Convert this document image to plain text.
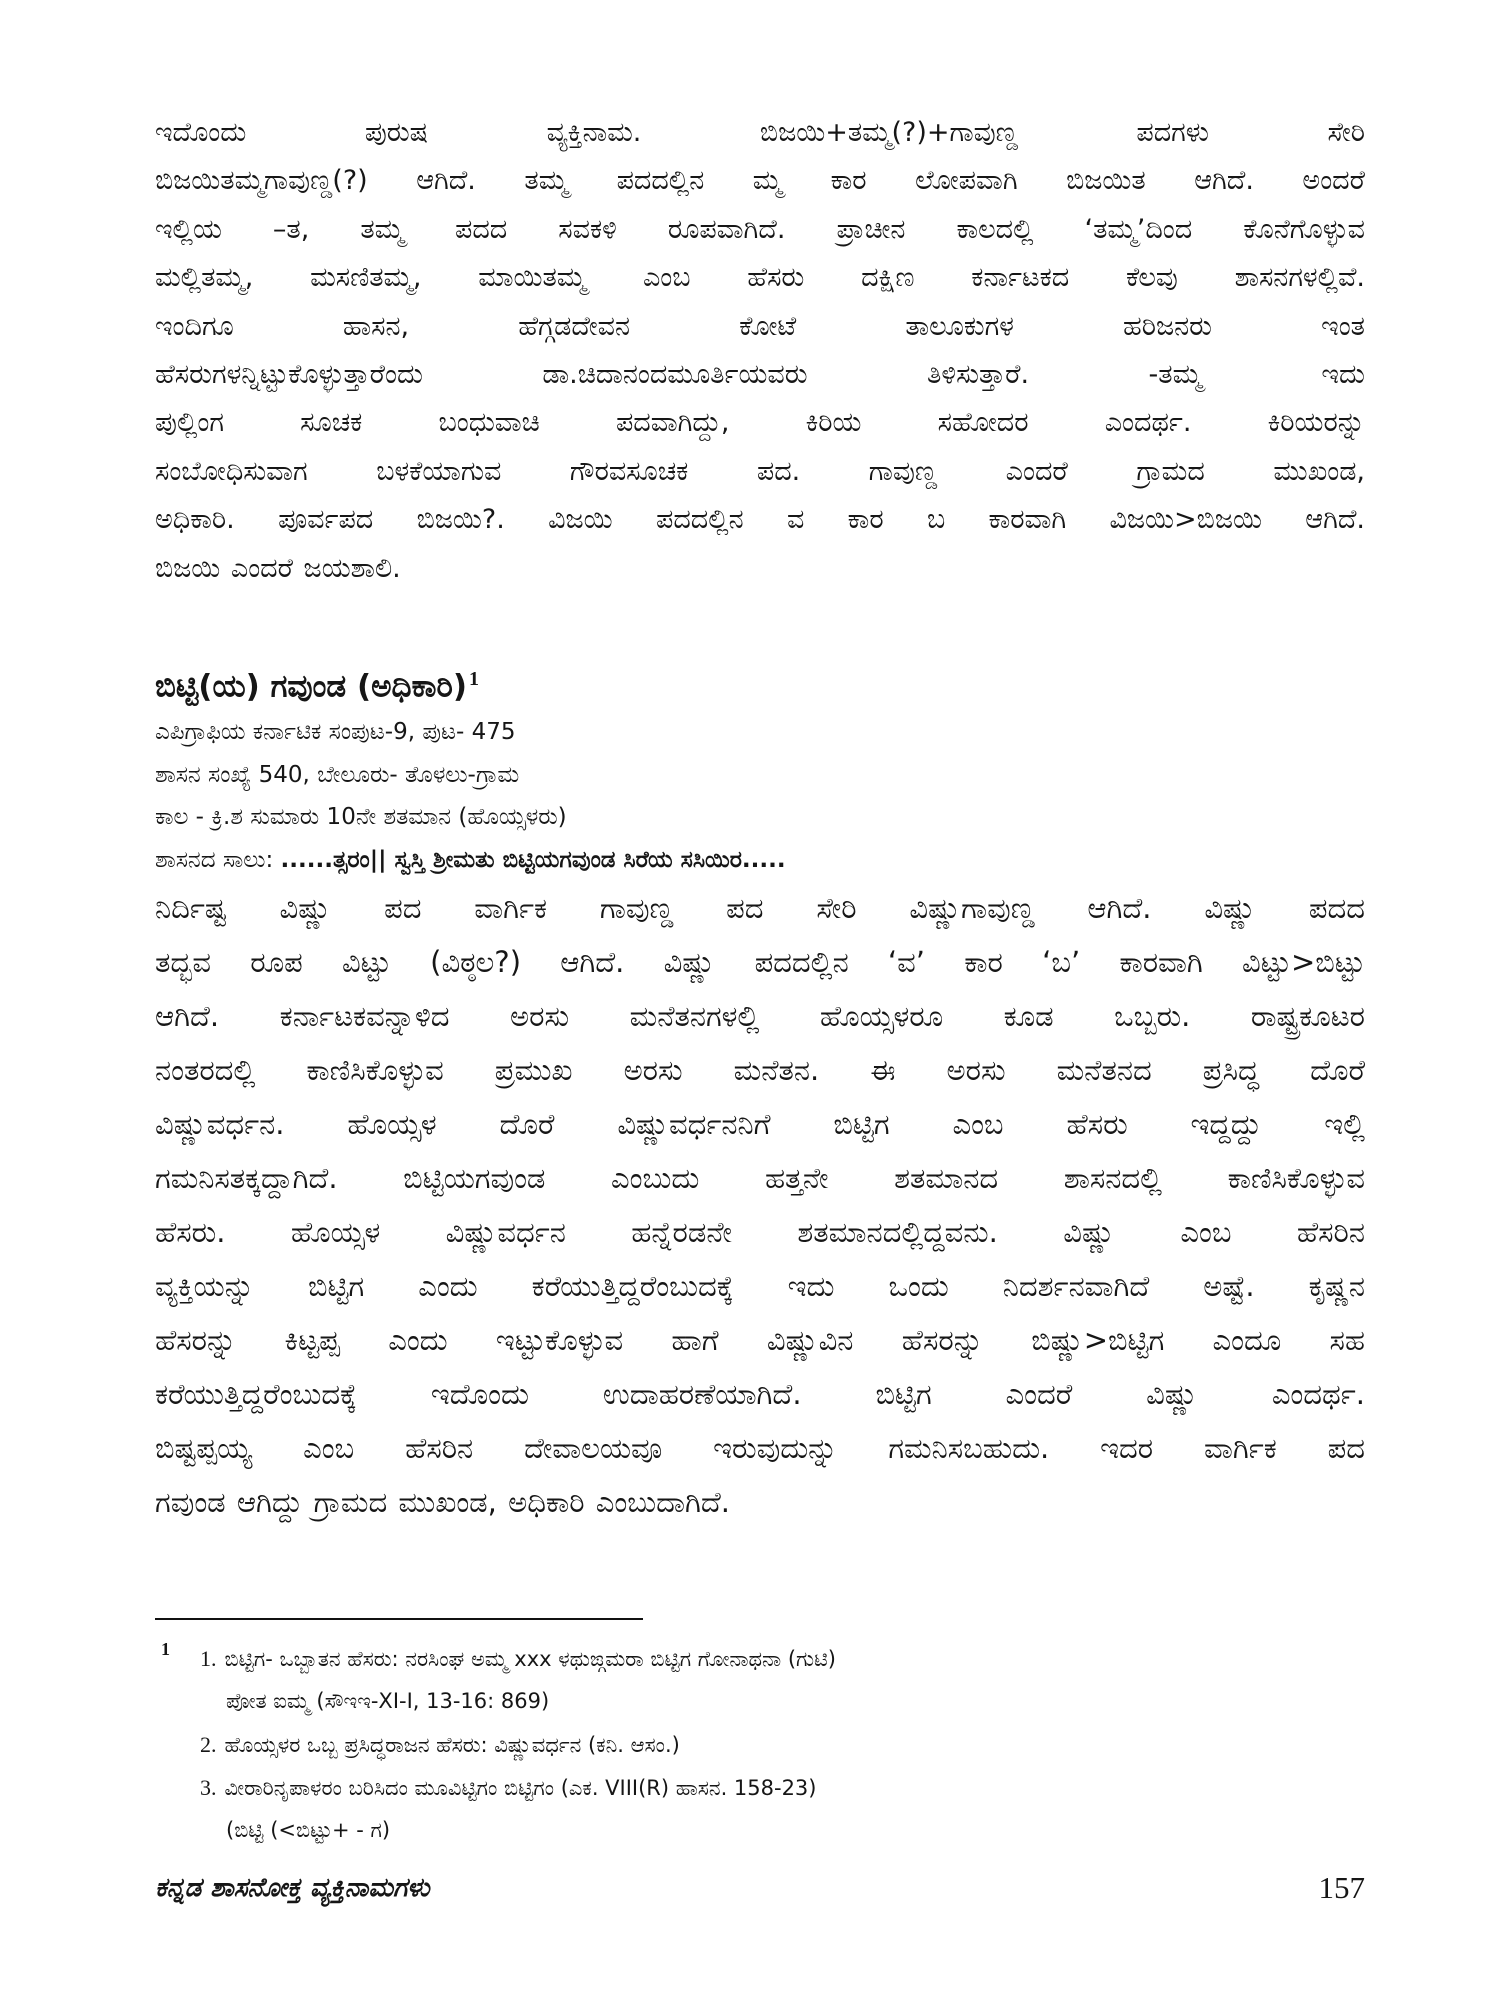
ಇದೊಂದು ಪುರುಷ ವ್ಯಕ್ತಿನಾಮ. ಬಿಜಯಿ+ತಮ್ಮ(?)+ಗಾವುಣ್ಡ ಪದಗಳು ಸೇರಿ
ಬಿಜಯಿತಮ್ಮಗಾವುಣ್ಡ(?) ಆಗಿದೆ. ತಮ್ಮ ಪದದಲ್ಲಿನ ಮ್ಮ ಕಾರ ಲೋಪವಾಗಿ ಬಿಜಯಿತ ಆಗಿದೆ. ಅಂದರೆ
ಇಲ್ಲಿಯ –ತ, ತಮ್ಮ ಪದದ ಸವಕಳಿ ರೂಪವಾಗಿದೆ. ಪ್ರಾಚೀನ ಕಾಲದಲ್ಲಿ ‘ತಮ್ಮ’ದಿಂದ ಕೊನೆಗೊಳ್ಳುವ
ಮಲ್ಲಿತಮ್ಮ, ಮಸಣಿತಮ್ಮ, ಮಾಯಿತಮ್ಮ ಎಂಬ ಹೆಸರು ದಕ್ಷಿಣ ಕರ್ನಾಟಕದ ಕೆಲವು ಶಾಸನಗಳಲ್ಲಿವೆ.
ಇಂದಿಗೂ ಹಾಸನ, ಹೆಗ್ಗಡದೇವನ ಕೋಟೆ ತಾಲೂಕುಗಳ ಹರಿಜನರು ಇಂತ
ಹೆಸರುಗಳನ್ನಿಟ್ಟುಕೊಳ್ಳುತ್ತಾರೆಂದು ಡಾ.ಚಿದಾನಂದಮೂರ್ತಿಯವರು ತಿಳಿಸುತ್ತಾರೆ. -ತಮ್ಮ ಇದು
ಪುಲ್ಲಿಂಗ ಸೂಚಕ ಬಂಧುವಾಚಿ ಪದವಾಗಿದ್ದು, ಕಿರಿಯ ಸಹೋದರ ಎಂದರ್ಥ. ಕಿರಿಯರನ್ನು
ಸಂಬೋಧಿಸುವಾಗ ಬಳಕೆಯಾಗುವ ಗೌರವಸೂಚಕ ಪದ. ಗಾವುಣ್ಡ ಎಂದರೆ ಗ್ರಾಮದ ಮುಖಂಡ,
ಅಧಿಕಾರಿ. ಪೂರ್ವಪದ ಬಿಜಯಿ?. ವಿಜಯಿ ಪದದಲ್ಲಿನ ವ ಕಾರ ಬ ಕಾರವಾಗಿ ವಿಜಯಿ>ಬಿಜಯಿ ಆಗಿದೆ.
ಬಿಜಯಿ ಎಂದರೆ ಜಯಶಾಲಿ.
ಬಿಟ್ಟಿ(ಯ) ಗವುಂಡ (ಅಧಿಕಾರಿ) $^1$
ಎಪಿಗ್ರಾಫಿಯ ಕರ್ನಾಟಿಕ ಸಂಪುಟ-9, ಪುಟ- 475
ಶಾಸನ ಸಂಖ್ಯೆ 540, ಬೇಲೂರು- ತೊಳಲು-ಗ್ರಾಮ
ಕಾಲ - ಕ್ರಿ.ಶ ಸುಮಾರು 10ನೇ ಶತಮಾನ (ಹೊಯ್ಸಳರು)
ಶಾಸನದ ಸಾಲು: ......ತ್ಸರಂ|| ಸ್ವಸ್ತಿ ಶ್ರೀಮತು ಬಿಟ್ಟಿಯಗವುಂಡ ಸಿರೆಯ ಸಸಿಯಿರ.....
ನಿರ್ದಿಷ್ಟ ವಿಷ್ಣು ಪದ ವಾರ್ಗಿಕ ಗಾವುಣ್ಡ ಪದ ಸೇರಿ ವಿಷ್ಣುಗಾವುಣ್ಡ ಆಗಿದೆ. ವಿಷ್ಣು ಪದದ
ತದ್ಭವ ರೂಪ ವಿಟ್ಟು (ವಿಠ್ಠಲ?) ಆಗಿದೆ. ವಿಷ್ಣು ಪದದಲ್ಲಿನ ‘ವ’ ಕಾರ ‘ಬ’ ಕಾರವಾಗಿ ವಿಟ್ಟು>ಬಿಟ್ಟು
ಆಗಿದೆ. ಕರ್ನಾಟಕವನ್ನಾಳಿದ ಅರಸು ಮನೆತನಗಳಲ್ಲಿ ಹೊಯ್ಸಳರೂ ಕೂಡ ಒಬ್ಬರು. ರಾಷ್ಟ್ರಕೂಟರ
ನಂತರದಲ್ಲಿ ಕಾಣಿಸಿಕೊಳ್ಳುವ ಪ್ರಮುಖ ಅರಸು ಮನೆತನ. ಈ ಅರಸು ಮನೆತನದ ಪ್ರಸಿದ್ಧ ದೊರೆ
ವಿಷ್ಣುವರ್ಧನ. ಹೊಯ್ಸಳ ದೊರೆ ವಿಷ್ಣುವರ್ಧನನಿಗೆ ಬಿಟ್ಟಿಗ ಎಂಬ ಹೆಸರು ಇದ್ದದ್ದು ಇಲ್ಲಿ
ಗಮನಿಸತಕ್ಕದ್ದಾಗಿದೆ. ಬಿಟ್ಟಿಯಗವುಂಡ ಎಂಬುದು ಹತ್ತನೇ ಶತಮಾನದ ಶಾಸನದಲ್ಲಿ ಕಾಣಿಸಿಕೊಳ್ಳುವ
ಹೆಸರು. ಹೊಯ್ಸಳ ವಿಷ್ಣುವರ್ಧನ ಹನ್ನೆರಡನೇ ಶತಮಾನದಲ್ಲಿದ್ದವನು. ವಿಷ್ಣು ಎಂಬ ಹೆಸರಿನ
ವ್ಯಕ್ತಿಯನ್ನು ಬಿಟ್ಟಿಗ ಎಂದು ಕರೆಯುತ್ತಿದ್ದರೆಂಬುದಕ್ಕೆ ಇದು ಒಂದು ನಿದರ್ಶನವಾಗಿದೆ ಅಷ್ಟೆ. ಕೃಷ್ಣನ
ಹೆಸರನ್ನು ಕಿಟ್ಟಪ್ಪ ಎಂದು ಇಟ್ಟುಕೊಳ್ಳುವ ಹಾಗೆ ವಿಷ್ಣುವಿನ ಹೆಸರನ್ನು ಬಿಷ್ಣು>ಬಿಟ್ಟಿಗ ಎಂದೂ ಸಹ
ಕರೆಯುತ್ತಿದ್ದರೆಂಬುದಕ್ಕೆ ಇದೊಂದು ಉದಾಹರಣೆಯಾಗಿದೆ. ಬಿಟ್ಟಿಗ ಎಂದರೆ ವಿಷ್ಣು ಎಂದರ್ಥ.
ಬಿಷ್ಟಪ್ಪಯ್ಯ ಎಂಬ ಹೆಸರಿನ ದೇವಾಲಯವೂ ಇರುವುದುನ್ನು ಗಮನಿಸಬಹುದು. ಇದರ ವಾರ್ಗಿಕ ಪದ
ಗವುಂಡ ಆಗಿದ್ದು ಗ್ರಾಮದ ಮುಖಂಡ, ಅಧಿಕಾರಿ ಎಂಬುದಾಗಿದೆ.
1 1. ಬಿಟ್ಟಿಗ- ಒಬ್ಬಾತನ ಹೆಸರು: ನರಸಿಂಘ ಅಮ್ಮ xxx ಳಥುಙ್ಗಮರಾ ಬಿಟ್ಟಿಗ ಗೋನಾಥನಾ (ಗುಟಿ)
ಪೋತ ಐಮ್ಮ (ಸೌಇಇ-XI-I, 13-16: 869)
2. ಹೊಯ್ಸಳರ ಒಬ್ಬ ಪ್ರಸಿದ್ಧರಾಜನ ಹೆಸರು: ವಿಷ್ಣುವರ್ಧನ (ಕನಿ. ಆಸಂ.)
3. ವೀರಾರಿನೃಪಾಳರಂ ಬರಿಸಿದಂ ಮೂವಿಟ್ಟಿಗಂ ಬಿಟ್ಟಿಗಂ (ಎಕ. VIII(R) ಹಾಸನ. 158-23)
(ಬಿಟ್ಟಿ (<ಬಿಟ್ಟು+ - ಗ)
ಕನ್ನಡ ಶಾಸನೋಕ್ತ ವ್ಯಕ್ತಿನಾಮಗಳು	157
